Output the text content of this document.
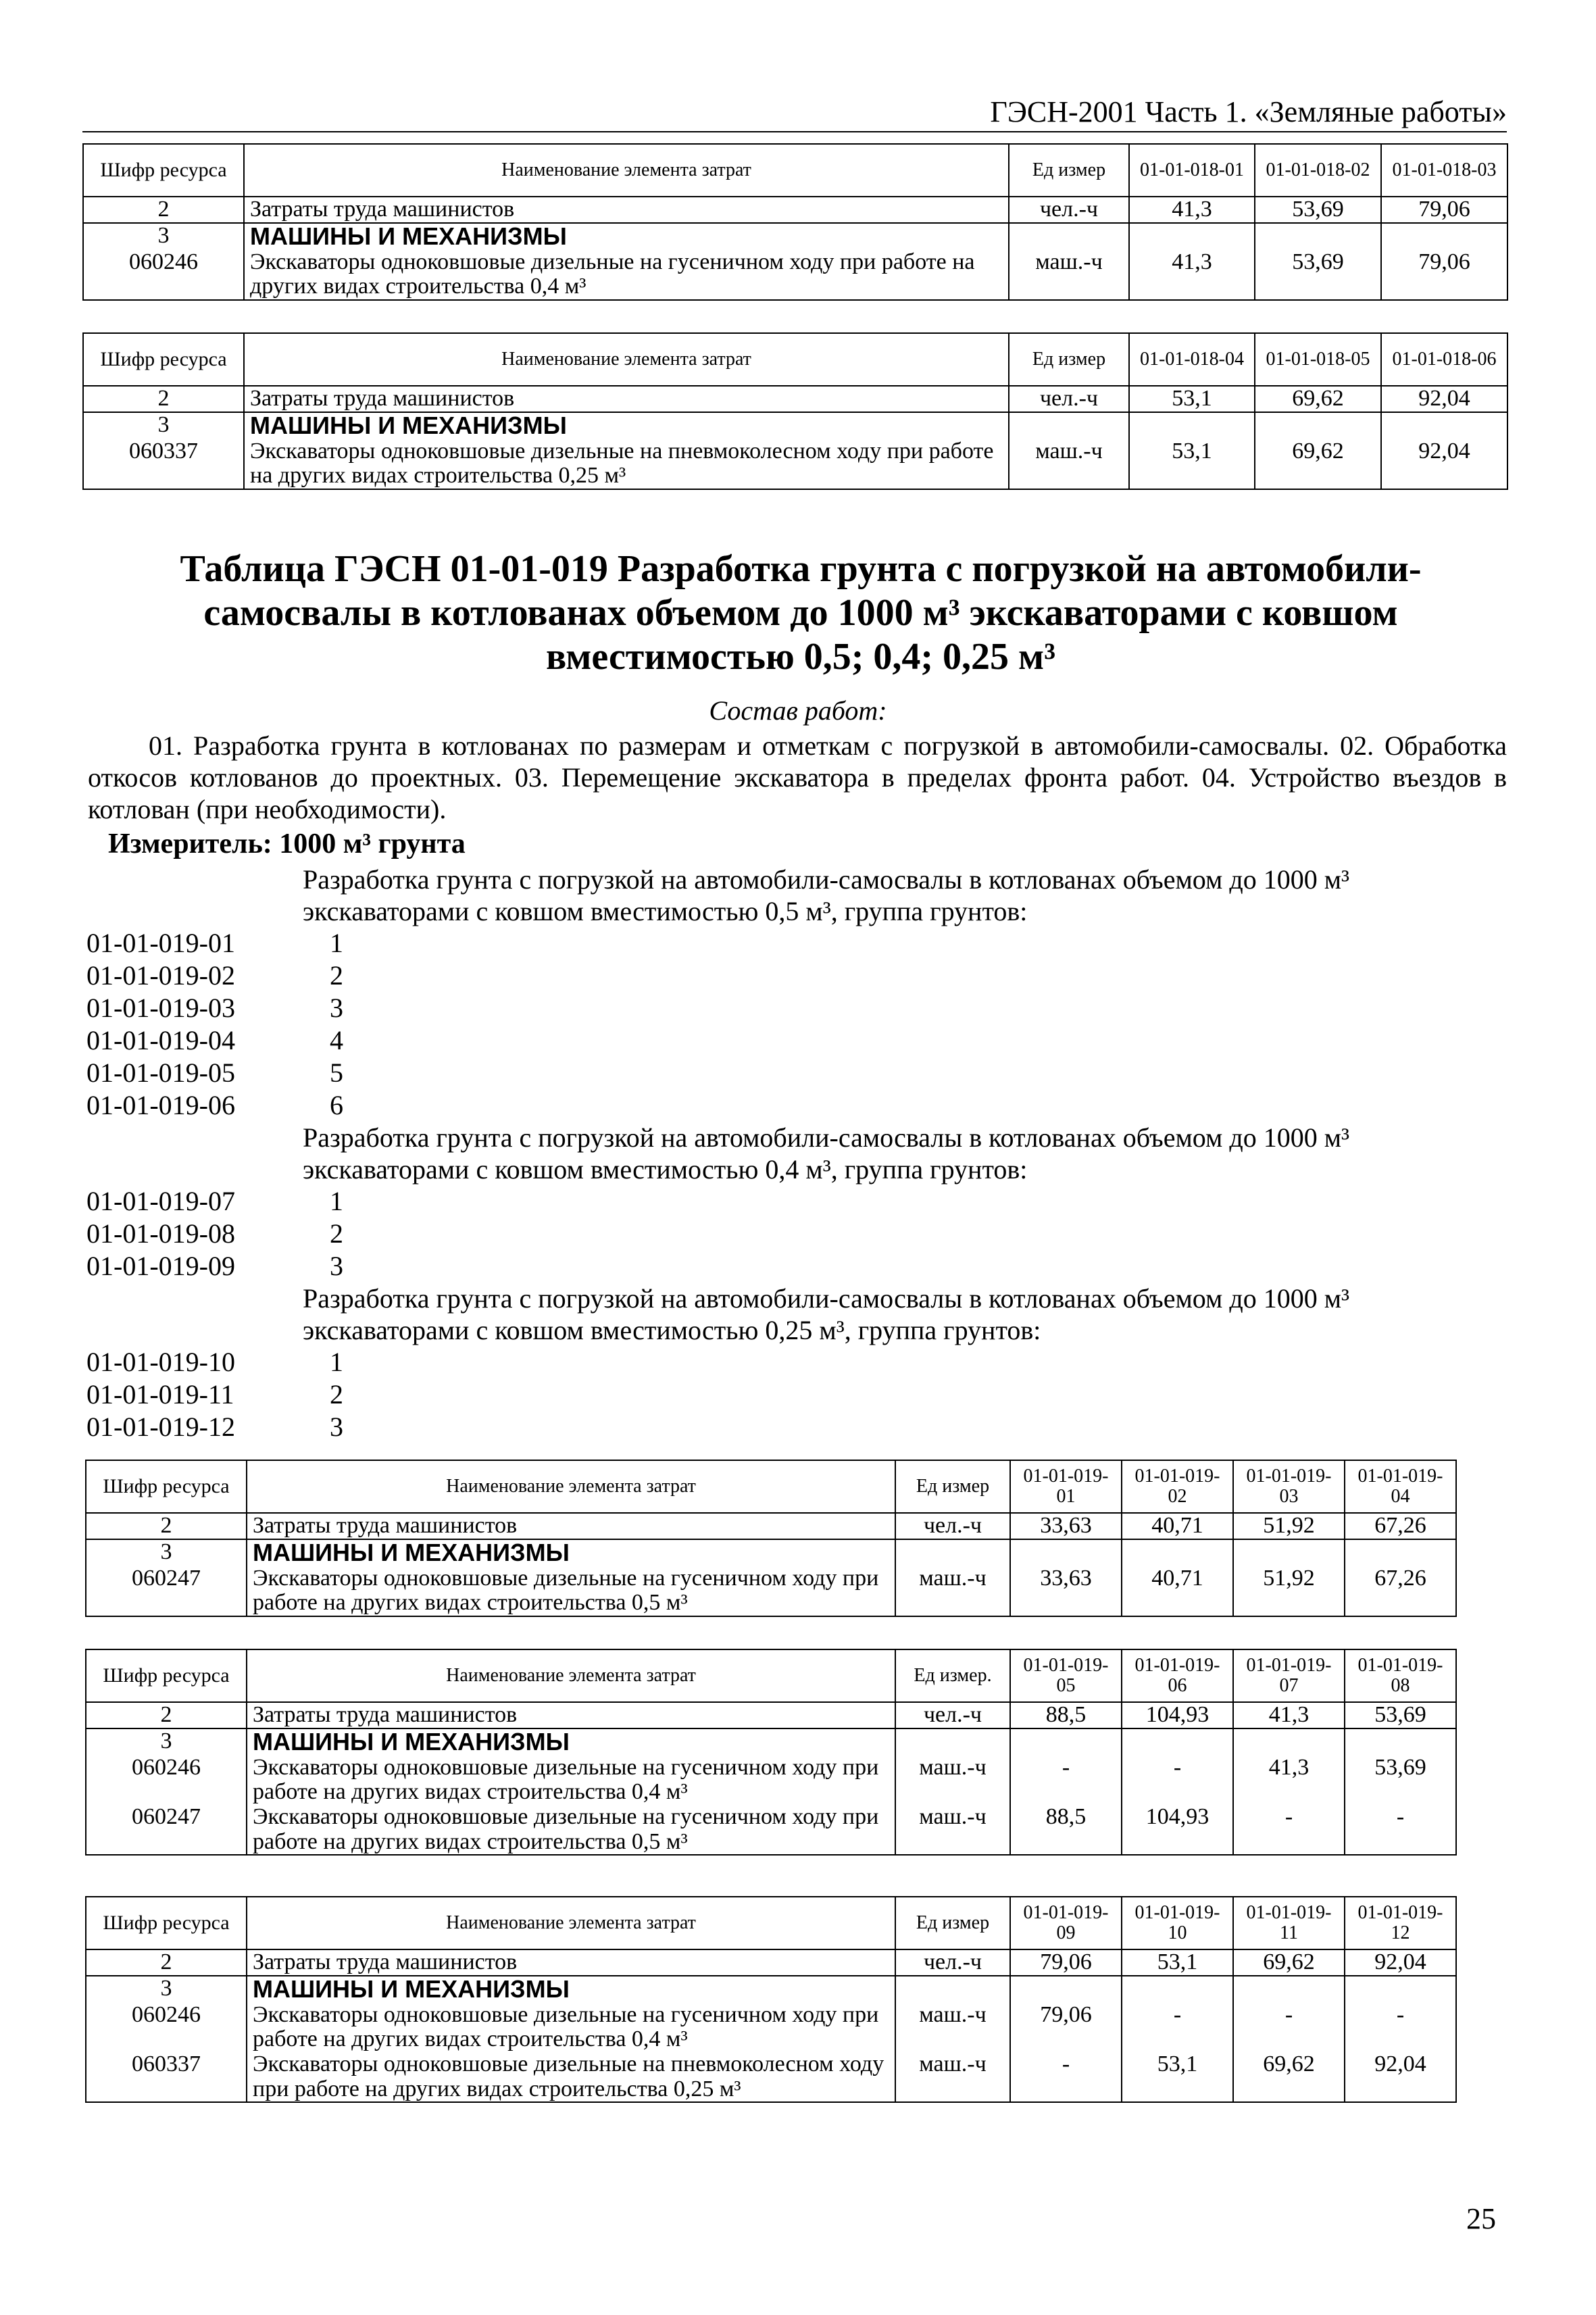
ГЭСН-2001 Часть 1. «Земляные работы»
Шифр ресурса	Наименование элемента затрат	Ед измер	01-01-018-01	01-01-018-02	01-01-018-03
2	Затраты труда машинистов	чел.-ч	41,3	53,69	79,06
3	МАШИНЫ И МЕХАНИЗМЫ				
060246	Экскаваторы одноковшовые дизельные на гусеничном ходу при работе на других видах строительства 0,4 м³	маш.-ч	41,3	53,69	79,06
Шифр ресурса	Наименование элемента затрат	Ед измер	01-01-018-04	01-01-018-05	01-01-018-06
2	Затраты труда машинистов	чел.-ч	53,1	69,62	92,04
3	МАШИНЫ И МЕХАНИЗМЫ				
060337	Экскаваторы одноковшовые дизельные на пневмоколесном ходу при работе на других видах строительства 0,25 м³	маш.-ч	53,1	69,62	92,04
Таблица ГЭСН 01-01-019 Разработка грунта с погрузкой на автомобили-самосвалы в котлованах объемом до 1000 м³ экскаваторами с ковшом вместимостью 0,5; 0,4; 0,25 м³
Состав работ:
01. Разработка грунта в котлованах по размерам и отметкам с погрузкой в автомобили-самосвалы. 02. Обработка откосов котлованов до проектных. 03. Перемещение экскаватора в пределах фронта работ. 04. Устройство въездов в котлован (при необходимости).
Измеритель: 1000 м³ грунта
Разработка грунта с погрузкой на автомобили-самосвалы в котлованах объемом до 1000 м³ экскаваторами с ковшом вместимостью 0,5 м³, группа грунтов:
01-01-019-01	1
01-01-019-02	2
01-01-019-03	3
01-01-019-04	4
01-01-019-05	5
01-01-019-06	6
Разработка грунта с погрузкой на автомобили-самосвалы в котлованах объемом до 1000 м³ экскаваторами с ковшом вместимостью 0,4 м³, группа грунтов:
01-01-019-07	1
01-01-019-08	2
01-01-019-09	3
Разработка грунта с погрузкой на автомобили-самосвалы в котлованах объемом до 1000 м³ экскаваторами с ковшом вместимостью 0,25 м³, группа грунтов:
01-01-019-10	1
01-01-019-11	2
01-01-019-12	3
Шифр ресурса	Наименование элемента затрат	Ед измер	01-01-019-01	01-01-019-02	01-01-019-03	01-01-019-04
2	Затраты труда машинистов	чел.-ч	33,63	40,71	51,92	67,26
3	МАШИНЫ И МЕХАНИЗМЫ					
060247	Экскаваторы одноковшовые дизельные на гусеничном ходу при работе на других видах строительства 0,5 м³	маш.-ч	33,63	40,71	51,92	67,26
Шифр ресурса	Наименование элемента затрат	Ед измер.	01-01-019-05	01-01-019-06	01-01-019-07	01-01-019-08
2	Затраты труда машинистов	чел.-ч	88,5	104,93	41,3	53,69
3	МАШИНЫ И МЕХАНИЗМЫ					
060246	Экскаваторы одноковшовые дизельные на гусеничном ходу при работе на других видах строительства 0,4 м³	маш.-ч	-	-	41,3	53,69
060247	Экскаваторы одноковшовые дизельные на гусеничном ходу при работе на других видах строительства 0,5 м³	маш.-ч	88,5	104,93	-	-
Шифр ресурса	Наименование элемента затрат	Ед измер	01-01-019-09	01-01-019-10	01-01-019-11	01-01-019-12
2	Затраты труда машинистов	чел.-ч	79,06	53,1	69,62	92,04
3	МАШИНЫ И МЕХАНИЗМЫ					
060246	Экскаваторы одноковшовые дизельные на гусеничном ходу при работе на других видах строительства 0,4 м³	маш.-ч	79,06	-	-	-
060337	Экскаваторы одноковшовые дизельные на пневмоколесном ходу при работе на других видах строительства 0,25 м³	маш.-ч	-	53,1	69,62	92,04
25
